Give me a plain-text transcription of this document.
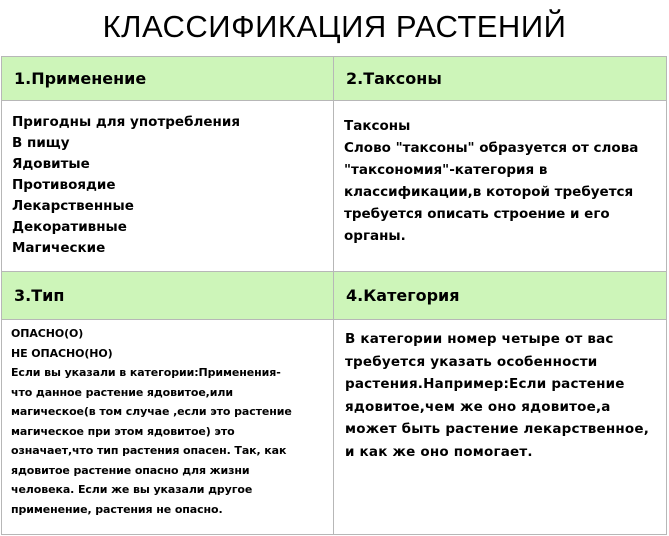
КЛАССИФИКАЦИЯ РАСТЕНИЙ
1.Применение	2.Таксоны
Пригодны для употребления
В пищу
Ядовитые
Противоядие
Лекарственные
Декоративные
Магические
Таксоны
Слово "таксоны" образуется от слова
"таксономия"-категория в
классификации,в которой требуется
требуется описать строение и его
органы.
3.Тип	4.Категория
ОПАСНО(О)
НЕ ОПАСНО(НО)
Если вы указали в категории:Применения-
что данное растение ядовитое,или
магическое(в том случае ,если это растение
магическое при этом ядовитое) это
означает,что тип растения опасен. Так, как
ядовитое растение опасно для жизни
человека. Если же вы указали другое
применение, растения не опасно.
В категории номер четыре от вас
требуется указать особенности
растения.Например:Если растение
ядовитое,чем же оно ядовитое,а
может быть растение лекарственное,
и как же оно помогает.
